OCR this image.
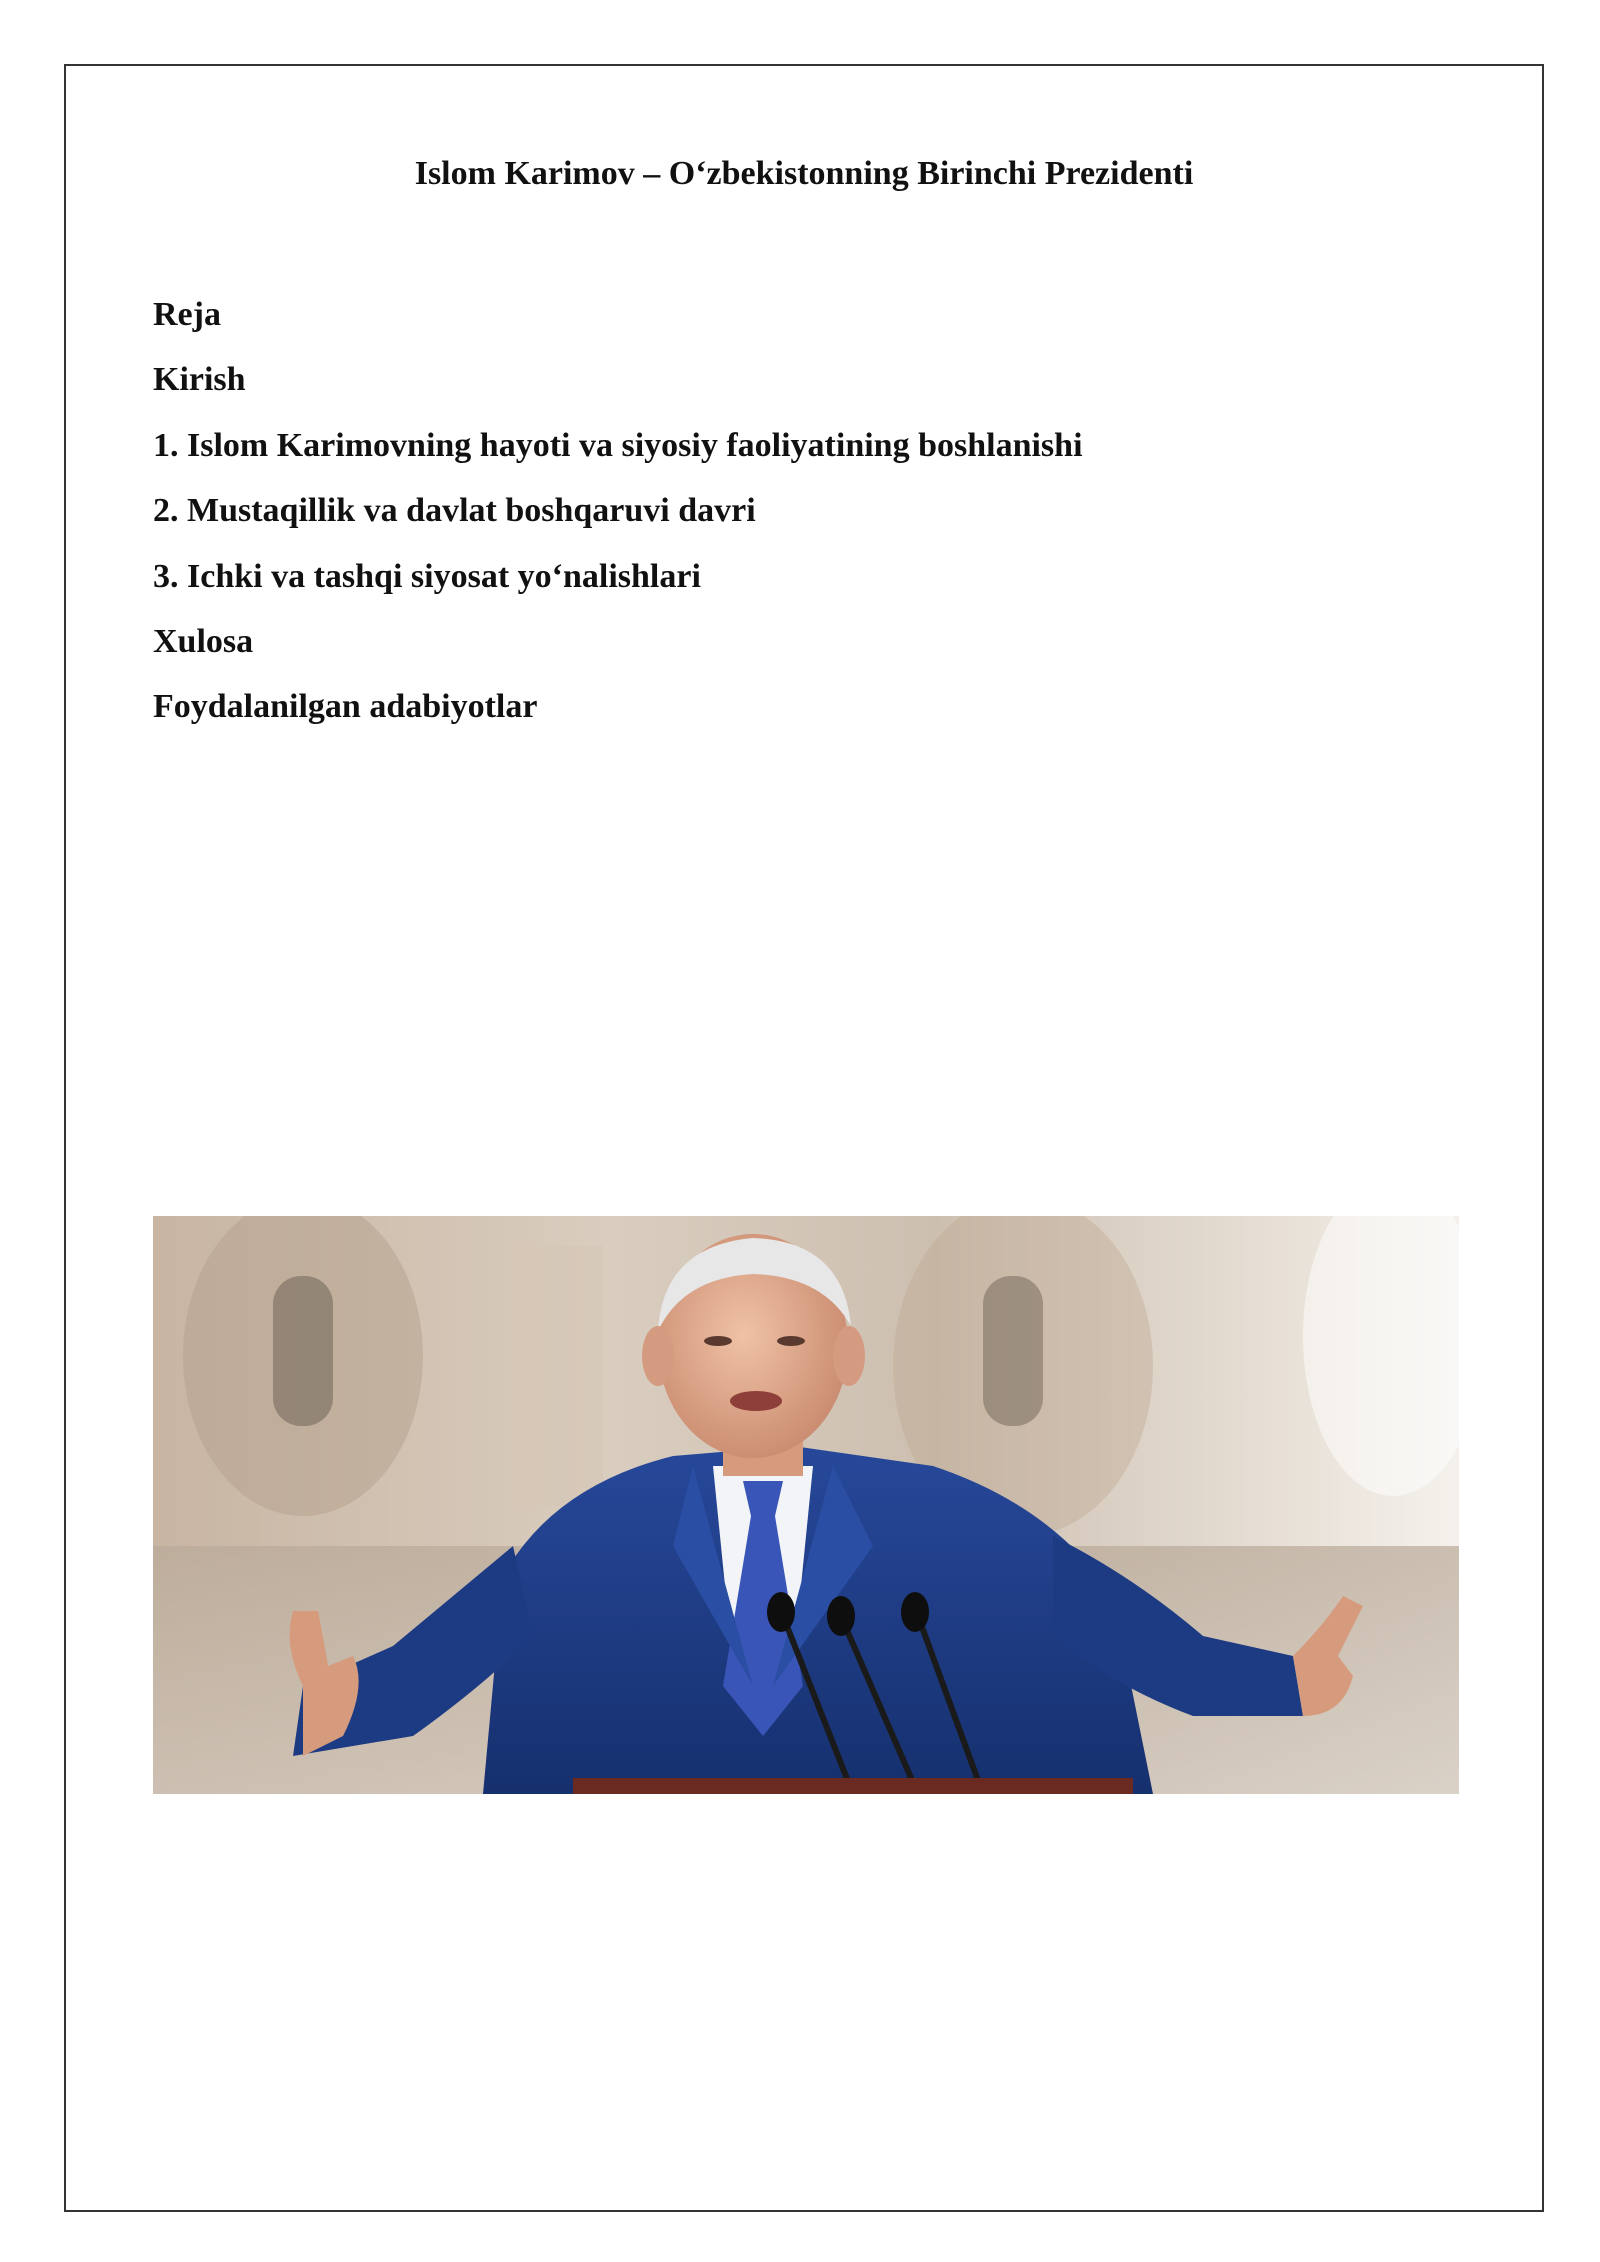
Islom Karimov – O‘zbekistonning Birinchi Prezidenti
Reja
Kirish
1. Islom Karimovning hayoti va siyosiy faoliyatining boshlanishi
2. Mustaqillik va davlat boshqaruvi davri
3. Ichki va tashqi siyosat yo‘nalishlari
Xulosa
Foydalanilgan adabiyotlar
